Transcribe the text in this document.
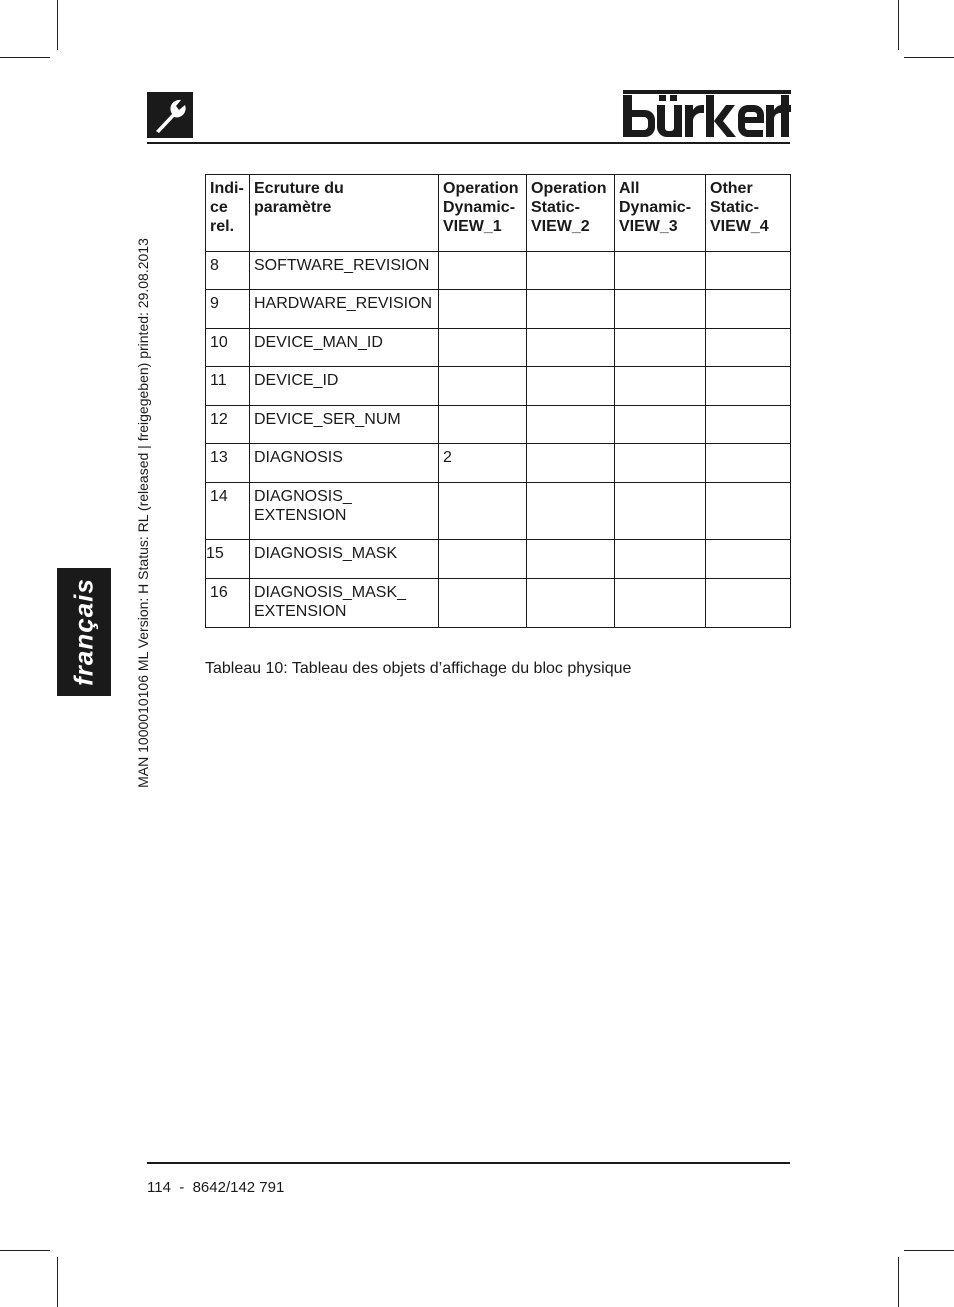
français	MAN 1000010106 ML Version: H Status: RL (released | freigegeben) printed: 29.08.2013
Indi-
ce
rel.	Ecruture du
paramètre	Operation
Dynamic-
VIEW_1	Operation
Static-
VIEW_2	All
Dynamic-
VIEW_3	Other
Static-
VIEW_4
8	SOFTWARE_REVISION				
9	HARDWARE_REVISION				
10	DEVICE_MAN_ID				
11	DEVICE_ID				
12	DEVICE_SER_NUM				
13	DIAGNOSIS	2			
14	DIAGNOSIS_
EXTENSION				
15	DIAGNOSIS_MASK				
16	DIAGNOSIS_MASK_
EXTENSION				
Tableau 10: Tableau des objets d’affichage du bloc physique
114  -  8642/142 791
